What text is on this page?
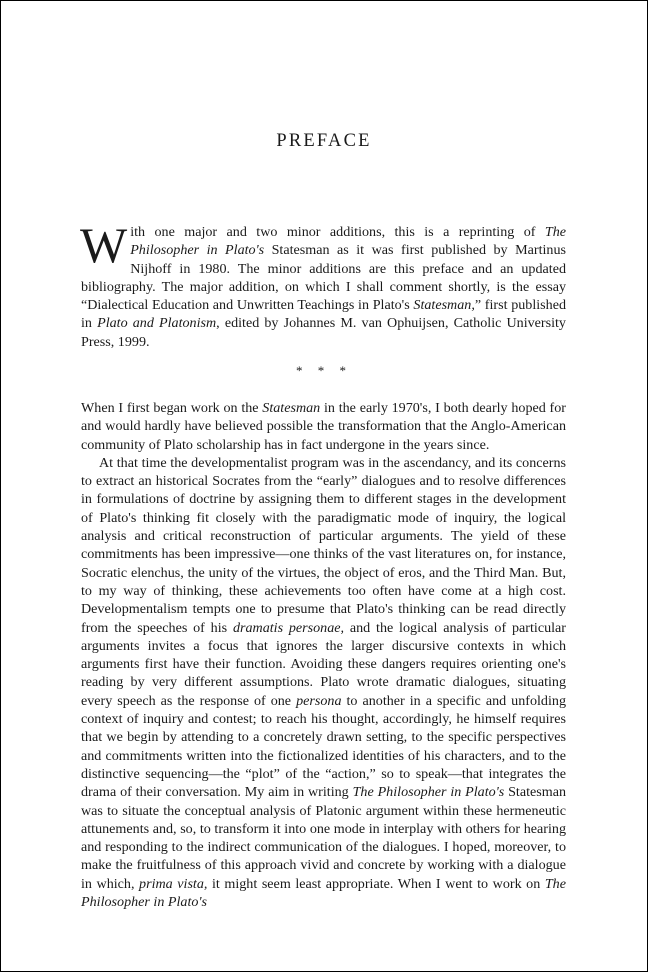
PREFACE
With one major and two minor additions, this is a reprinting of The Philosopher in Plato's Statesman as it was first published by Martinus Nijhoff in 1980. The minor additions are this preface and an updated bibliography. The major addition, on which I shall comment shortly, is the essay “Dialectical Education and Unwritten Teachings in Plato's Statesman,” first published in Plato and Platonism, edited by Johannes M. van Ophuijsen, Catholic University Press, 1999.
* * *

When I first began work on the Statesman in the early 1970's, I both dearly hoped for and would hardly have believed possible the transformation that the Anglo-American community of Plato scholarship has in fact undergone in the years since.

At that time the developmentalist program was in the ascendancy, and its concerns to extract an historical Socrates from the “early” dialogues and to resolve differences in formulations of doctrine by assigning them to different stages in the development of Plato's thinking fit closely with the paradigmatic mode of inquiry, the logical analysis and critical reconstruction of particular arguments. The yield of these commitments has been impressive—one thinks of the vast literatures on, for instance, Socratic elenchus, the unity of the virtues, the object of eros, and the Third Man. But, to my way of thinking, these achievements too often have come at a high cost. Developmentalism tempts one to presume that Plato's thinking can be read directly from the speeches of his dramatis personae, and the logical analysis of particular arguments invites a focus that ignores the larger discursive contexts in which arguments first have their function. Avoiding these dangers requires orienting one's reading by very different assumptions. Plato wrote dramatic dialogues, situating every speech as the response of one persona to another in a specific and unfolding context of inquiry and contest; to reach his thought, accordingly, he himself requires that we begin by attending to a concretely drawn setting, to the specific perspectives and commitments written into the fictionalized identities of his characters, and to the distinctive sequencing—the “plot” of the “action,” so to speak—that integrates the drama of their conversation. My aim in writing The Philosopher in Plato's Statesman was to situate the conceptual analysis of Platonic argument within these hermeneutic attunements and, so, to transform it into one mode in interplay with others for hearing and responding to the indirect communication of the dialogues. I hoped, moreover, to make the fruitfulness of this approach vivid and concrete by working with a dialogue in which, prima vista, it might seem least appropriate. When I went to work on The Philosopher in Plato's
